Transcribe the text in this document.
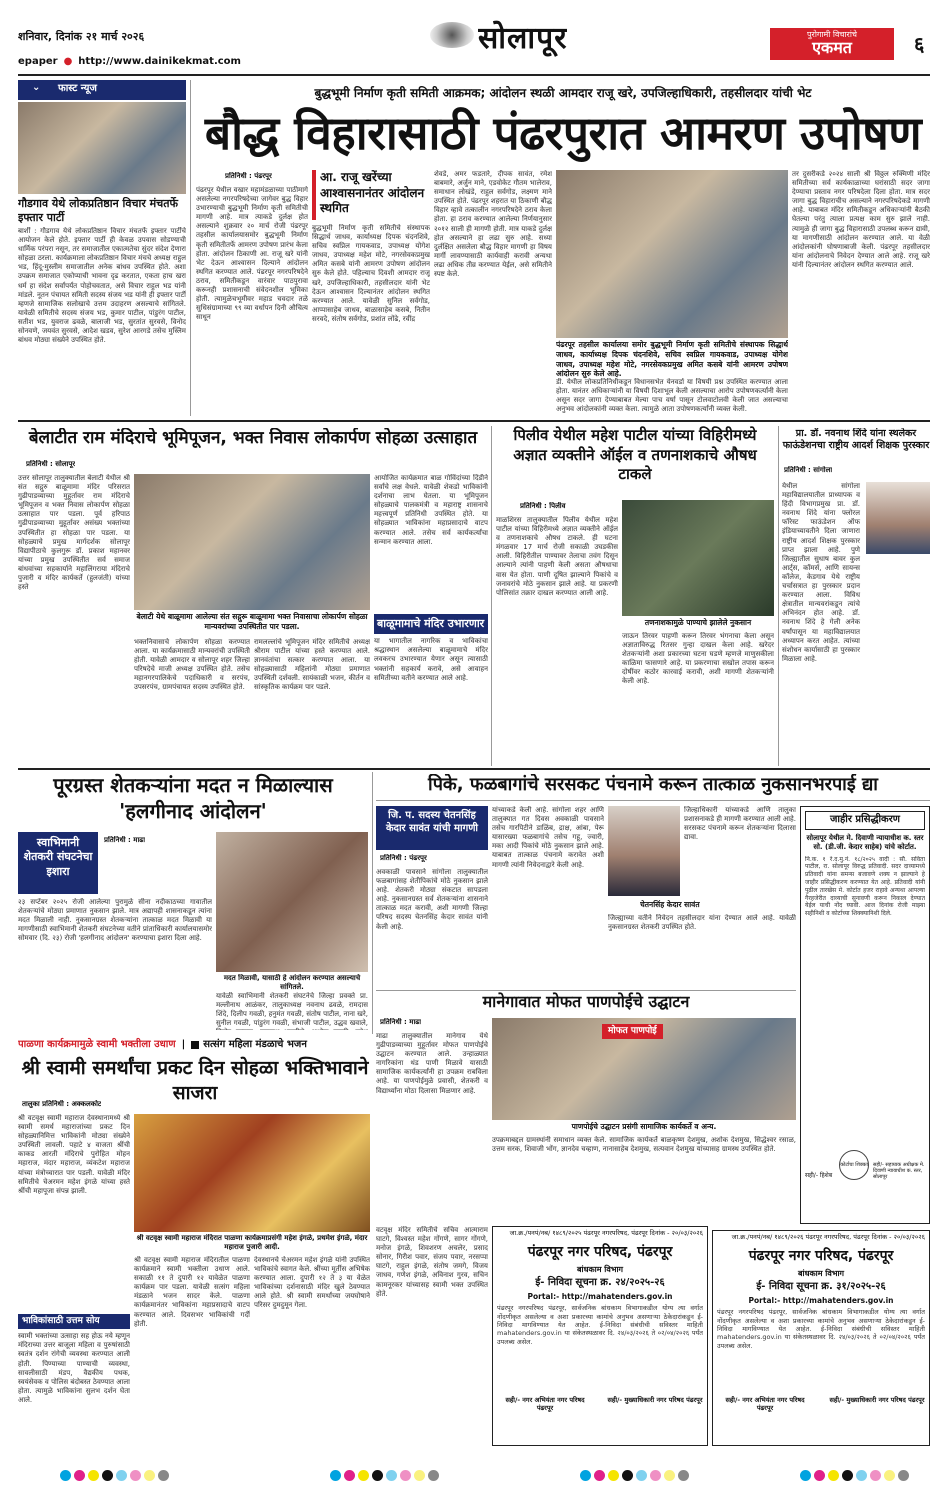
शनिवार, दिनांक २१ मार्च २०२६	सोलापूर	पुरोगामी विचारांचे
एकमत	६
epaper ● http://www.dainikekmat.com
⌄ फास्ट न्यूज
गौडगाव येथे लोकप्रतिष्ठान विचार मंचतर्फे इफ्तार पार्टी
बार्शी : गौडगाव येथे लोकप्रतिष्ठान विचार मंचतर्फे इफ्तार पार्टीचे आयोजन केले होते. इफ्तार पार्टी ही केवळ उपवास सोडण्याची धार्मिक परंपरा नसून, तर समाजातील एकात्मतेचा सुंदर संदेश देणारा सोहळा ठरला. कार्यक्रमाला लोकप्रतिष्ठान विचार मंचचे अध्यक्ष राहुल भड, हिंदू-मुस्लीम समाजातील अनेक बांधव उपस्थित होते. अशा उपक्रम समाजात एकोप्याची भावना दृढ करतात, एकता हाच खरा धर्म हा संदेश सर्वांपर्यंत पोहोचवतात, असे विचार राहुल भड यांनी मांडले. नूतन पंचायत समिती सदस्य संजय भड यांनी ही इफ्तार पार्टी म्हणजे सामाजिक सलोखाचे उत्तम उदाहरण असल्याचे सांगितले. यावेळी समितीचे सदस्य संजय भड, कुमार पाटील, पांडुरंग पाटील, सतीश भड, युवराज ढवळे, बालाजी भड, सुरतांत सुरवसे, विनोद सोनवणे, जयवंत सुरवसे, आदेश खडव, सुरेश आरगडे तसेच मुस्लिम बांधव मोठ्या संख्येने उपस्थित होते.
बुद्धभूमी निर्माण कृती समिती आक्रमक; आंदोलन स्थळी आमदार राजू खरे, उपजिल्हाधिकारी, तहसीलदार यांची भेट
बौद्ध विहारासाठी पंढरपुरात आमरण उपोषण
प्रतिनिधी : पंढरपूर
पंढरपूर येथील वखार महामंडळाच्या पाठीमागे असलेल्या नगरपरिषदेच्या जागेवर बुद्ध विहार उभारण्याची बुद्धभूमी निर्माण कृती समितीची मागणी आहे. मात्र त्याकडे दुर्लक्ष होत असल्याने शुक्रवार २० मार्च रोजी पंढरपूर तहसील कार्यालयासमोर बुद्धभूमी निर्माण कृती समितीतर्फे आमरण उपोषण प्रारंभ केला होता. आंदोलन ठिकाणी आ. राजू खरे यांनी भेट देऊन आश्वासन दिल्याने आंदोलन स्थगित करण्यात आले. पंढरपूर नगरपरिषदेने ठराव, समितीकडून वारंवार पाठपुरावा करूनही प्रशासनाची संवेदनशील भूमिका होती. त्यामुळेचभूमीवर महाड चवदार तळे सुधिसंग्रामाच्या ९९ व्या वर्धापन दिनी औचित्य साधून
आ. राजू खरेंच्या आश्वासनानंतर आंदोलन स्थगित
बुद्धभूमी निर्माण कृती समितीचे संस्थापक सिद्धार्थ जाधव, कार्याध्यक्ष दिपक चंदनशिवे, सचिव स्वप्निल गायकवाड, उपाध्यक्ष योगेश जाधव, उपाध्यक्ष महेश मोटे, नगरसेवकप्रमुख अमित कसबे यांनी आमरण उपोषण आंदोलन सुरु केले होते. पहिल्याच दिवशी आमदार राजू खरे, उपजिल्हाधिकारी, तहसीलदार यांनी भेट देऊन आश्वासन दिल्यानंतर आंदोलन स्थगित करण्यात आले. यावेळी सुनिल सर्वगोड, आप्पासाहेब जाधव, बाळासाहेब कसबे, नितीन सरवदे, संतोष सर्वगोड, प्रशांत लोंढे, रवींद्र
शेवडे, अमर फडतारे, दीपक सावंत, रमेश बाबमारे, अर्जुन माने, एडवोकेट गौतम भालेराव, समाधान लोखंडे, राहुल सर्वगोड, लक्ष्मण माने उपस्थित होते. पंढरपूर शहरात या ठिकाणी बौद्ध विहार व्हावे तत्कालीन नगरपरिषदेने ठराव केला होता. हा ठराव करण्यात आलेल्या निर्णयानुसार २०१२ साली ही मागणी होती. मात्र याकडे दुर्लक्ष होत असल्याने हा लढा सुरु आहे. सध्या दुर्लक्षित असलेला बौद्ध विहार मागणी हा विषय मार्गी लावण्यासाठी कार्यवाही करावी अन्यथा लढा अधिक तीव्र करण्यात येईल, असे समितीने स्पष्ट केले.
पंढरपूर तहसील कार्यालया समोर बुद्धभूमी निर्माण कृती समितीचे संस्थापक सिद्धार्थ जाधव, कार्याध्यक्ष दिपक चंदनशिवे, सचिव स्वप्निल गायकवाड, उपाध्यक्ष योगेश जाधव, उपाध्यक्ष महेश मोटे, नगरसेवकप्रमुख अमित कसबे यांनी आमरण उपोषण आंदोलन सुरु केले आहे.
डी. येथील लोकप्रतिनिधीकडून विधानसभेत येनवर्डा या विषयी प्रश्न उपस्थित करण्यात आला होता. यानंतर अधिकाऱ्यांनी या विषयी दिशाभूल केली असल्याचा आरोप उपोषणकर्त्यांनी केला असून सदर जागा देण्याबाबत मेल्या पाच वर्षा पासून टोलवाटोलवी केली जात असल्याचा अनुभव आंदोलकांनी व्यक्त केला. त्यामुळे आता उपोषणकर्त्यांनी व्यक्त केली.
तर दुसरीकडे २०२४ साली श्री विठ्ठल रुक्मिणी मंदिर समितीच्या सर्व कार्यकाळाच्या घरांसाठी सदर जागा देण्याचा प्रस्ताव नगर परिषदेला दिला होता. मात्र सदर जागा बुद्ध विहाराचीच असल्याने नगरपरिषदेकडे मागणी आहे. याबाबत मंदिर समितीकडून अधिकाऱ्यांनी बैठकी घेतल्या परंतु त्याला प्रत्यक्ष काम सुरु झाले नाही. त्यामुळे ही जागा बुद्ध विहारासाठी उपलब्ध करून द्यावी, या मागणीसाठी आंदोलन करण्यात आले. या वेळी आंदोलकांनी घोषणाबाजी केली. पंढरपूर तहसीलदार यांना आंदोलनाचे निवेदन देण्यात आले आहे. राजू खरे यांनी दिल्यानंतर आंदोलन स्थगित करण्यात आले.
बेलाटीत राम मंदिराचे भूमिपूजन, भक्त निवास लोकार्पण सोहळा उत्साहात
प्रतिनिधी : सोलापूर
उत्तर सोलापूर तालुक्यातील बेलाटी येथील श्री संत सद्गुरु बाळूमामा मंदिर परिसरात गुढीपाडव्याच्या मुहूर्तावर राम मंदिराचे भूमिपूजन व भक्त निवास लोकार्पण सोहळा उत्साहात पार पडला. पूर्व हरिपाठ गुढीपाडव्याच्या मुहूर्तावर असंख्य भक्तांच्या उपस्थितीत हा सोहळा पार पडला. या सोहळ्याचे प्रमुख मार्गदर्शक सोलापूर विद्यापीठाचे कुलगुरू डॉ. प्रकाश महानवर यांच्या प्रमुख उपस्थितीत सर्व समाज बांधवांच्या सहकार्याने महालिंगराया मंदिराचे पुजारी व मंदिर कार्यकर्ते (हुलजंती) यांच्या हस्ते
बेलाटी येथे बाळूमामा आलेल्या संत सद्गुरू बाळूमामा भक्त निवासाचा लोकार्पण सोहळा मान्यवरांच्या उपस्थितीत पार पडला.
आयोजित कार्यक्रमात बाळ गोविंदांच्या दिंडीने सर्वांचे लक्ष वेधले. यावेळी शेकडो भाविकांनी दर्शनाचा लाभ घेतला. या भूमिपूजन सोहळ्याचे पालकमंत्री व महाराष्ट्र शासनाचे महत्त्वपूर्ण प्रतिनिधी उपस्थित होते. या सोहळ्यात भाविकांना महाप्रसादाचे वाटप करण्यात आले. तसेच सर्व कार्यकर्त्यांचा सन्मान करण्यात आला.
भक्तनिवासाचे लोकार्पण सोहळा करण्यात आला. या कार्यक्रमासाठी मान्यवरांची उपस्थिती होती. यावेळी आमदार व सोलापूर शहर जिल्हा परिषदेचे माजी अध्यक्ष उपस्थित होते. तसेच महानगरपालिकेचे पदाधिकारी व सरपंच, उपसरपंच, ग्रामपंचायत सदस्य उपस्थित होते.
रामलल्लांचे भूमिपूजन मंदिर समितीचे अध्यक्ष श्रीराम पाटील यांच्या हस्ते करण्यात आले. ज्ञानवंतांचा सत्कार करण्यात आला. या सोहळ्यासाठी महिलांनी मोठ्या प्रमाणात उपस्थिती दर्शवली. सायंकाळी भजन, कीर्तन व सांस्कृतिक कार्यक्रम पार पडले.
बाळूमामाचे मंदिर उभारणार
या भागातील नागरिक व भाविकांचा श्रद्धास्थान असलेल्या बाळूमामाचे मंदिर लवकरच उभारण्यात येणार असून त्यासाठी भक्तांनी सहकार्य करावे, असे आवाहन समितीच्या वतीने करण्यात आले आहे.
पिलीव येथील महेश पाटील यांच्या विहिरीमध्ये अज्ञात व्यक्तीने ऑईल व तणनाशकाचे औषध टाकले
प्रतिनिधी : पिलीव
तणनाशकामुळे पाण्याचे झालेले नुकसान
माळशिरस तालुक्यातील पिलीव येथील महेश पाटील यांच्या विहिरीमध्ये अज्ञात व्यक्तीने ऑईल व तणनाशकाचे औषध टाकले. ही घटना मंगळवार 17 मार्च रोजी सकाळी उघडकीस आली. विहिरीतील पाण्यावर तेलाचा तवंग दिसून आल्याने त्यांनी पाहणी केली असता औषधाचा वास येत होता. पाणी दूषित झाल्याने पिकांचे व जनावरांचे मोठे नुकसान झाले आहे. या प्रकरणी पोलिसांत तक्रार दाखल करण्यात आली आहे.
जाऊन तिरवर पाहणी करून तिरवर भंगनाचा केला असून अज्ञाताविरुद्ध रितसर गुन्हा दाखल केला आहे. खरेदर शेतकऱ्यांनी अशा प्रकारच्या घटना घडणे म्हणजे माणुसकीला काळिमा फासणारे आहे. या प्रकरणाचा सखोल तपास करून दोषींवर कठोर कारवाई करावी, अशी मागणी शेतकऱ्यांनी केली आहे.
प्रा. डॉ. नवनाथ शिंदे यांना स्थलेकर फाऊंडेशनचा राष्ट्रीय आदर्श शिक्षक पुरस्कार
प्रतिनिधी : सांगोला
येथील सांगोला महाविद्यालयातील प्राध्यापक व हिंदी विभागप्रमुख प्रा. डॉ. नवनाथ शिंदे यांना फ्लोरल फॉरेस्ट फाऊंडेशन ऑफ इंडियाच्यावतीने दिला जाणारा राष्ट्रीय आदर्श शिक्षक पुरस्कार प्राप्त झाला आहे. पुणे जिल्ह्यातील सुधाष बावर कुल आर्ट्स, कॉमर्स, आणि सायन्स कॉलेज, केडगाव येथे राष्ट्रीय चर्चासत्रात हा पुरस्कार प्रदान करण्यात आला. विविध क्षेत्रातील मान्यवरांकडून त्यांचे अभिनंदन होत आहे. डॉ. नवनाथ शिंदे हे गेली अनेक वर्षांपासून या महाविद्यालयात अध्यापन करत आहेत. त्यांच्या संशोधन कार्यासाठी हा पुरस्कार मिळाला आहे.
पूरग्रस्त शेतकऱ्यांना मदत न मिळाल्यास 'हलगीनाद आंदोलन'
स्वाभिमानी शेतकरी संघटनेचा इशारा
प्रतिनिधी : माढा
२३ सप्टेंबर २०२५ रोजी आलेल्या पुरामुळे सीना नदीकाठच्या गावातील शेतकऱ्यांचे मोठ्या प्रमाणात नुकसान झाले. मात्र अद्यापही शासनाकडून त्यांना मदत मिळाली नाही. नुकसानग्रस्त शेतकऱ्यांना तात्काळ मदत मिळावी या मागणीसाठी स्वाभिमानी शेतकरी संघटनेच्या वतीने प्रांताधिकारी कार्यालयासमोर सोमवार (दि. २३) रोजी 'हलगीनाद आंदोलन' करण्याचा इशारा दिला आहे.
मदत मिळावी, यासाठी हे आंदोलन करण्यात असल्याचे सांगितले.
यावेळी स्वाभिमानी शेतकरी संघटनेचे जिल्हा प्रवक्ते प्रा. मल्लीनाथ आळंकर, तालुकाध्यक्ष नवनाथ ढवळे, रामदास शिंदे, दिलीप गवळी, हनुमंत गवळी, संतोष पाटील, नाना खरे, सुनील गवळी, पांडुरंग गवळी, संभाजी पाटील, उद्धव खवाले,
पिके, फळबागांचे सरसकट पंचनामे करून तात्काळ नुकसानभरपाई द्या
जि. प. सदस्य चेतनसिंह केदार सावंत यांची मागणी
प्रतिनिधी : पंढरपूर
अवकाळी पावसाने सांगोला तालुक्यातील फळबागांसह शेतीपिकांचे मोठे नुकसान झाले आहे. शेतकरी मोठ्या संकटात सापडला आहे. नुकसानग्रस्त सर्व शेतकऱ्यांना शासनाने तात्काळ मदत करावी, अशी मागणी जिल्हा परिषद सदस्य चेतनसिंह केदार सावंत यांनी केली आहे.
यांच्याकडे केली आहे. सांगोला शहर आणि तालुक्यात गत दिवस अवकाळी पावसाने तसेच गारपिटीने डाळिंब, द्राक्ष, आंबा, पेरू यासारख्या फळबागांचे तसेच गहू, ज्वारी, मका आदी पिकांचे मोठे नुकसान झाले आहे. याबाबत तात्काळ पंचनामे करावेत अशी मागणी त्यांनी निवेदनाद्वारे केली आहे.
चेतनसिंह केदार सावंत
जिल्हाधिकारी यांच्याकडे आणि तालुका प्रशासनाकडे ही मागणी करण्यात आली आहे. सरसकट पंचनामे करून शेतकऱ्यांना दिलासा द्यावा.
जिल्ह्याच्या वतीने निवेदन तहसीलदार यांना देण्यात आले आहे. यावेळी नुकसानग्रस्त शेतकरी उपस्थित होते.
जाहीर प्रसिद्धीकरण
सोलापूर येथील मे. दिवाणी न्यायाधीश क. स्तर सो. (डी.जी. केदार साहेब) यांचे कोर्टात.
नि.क. १ रे.द.मु.नं. १८/२०२५ वादी : सौ. सविता पाटील, रा. सोलापूर विरुद्ध प्रतिवादी. सदर दाव्यामध्ये प्रतिवादी यांना समन्स बजावणे शक्य न झाल्याने हे जाहीर प्रसिद्धीकरण करण्यात येत आहे. प्रतिवादी यांनी पुढील तारखेस मे. कोर्टात हजर राहावे अन्यथा आपल्या गैरहजेरीत दाव्याची सुनावणी करून निकाल देण्यात येईल याची नोंद घ्यावी. आज दिनांक रोजी माझ्या सहीनिशी व कोर्टाच्या शिक्क्यानिशी दिले.
सही/- हिशेब
कोर्टाचा शिक्का सही/- सहाय्यक अधीक्षक मे. दिवाणी न्यायाधीश क. स्तर, सोलापूर
मानेगावात मोफत पाणपोईचे उद्घाटन
प्रतिनिधी : माढा
माढा तालुक्यातील मानेगाव येथे गुढीपाडव्याच्या मुहूर्तावर मोफत पाणपोईचे उद्घाटन करण्यात आले. उन्हाळ्यात नागरिकांना थंड पाणी मिळावे यासाठी सामाजिक कार्यकर्त्यांनी हा उपक्रम राबविला आहे. या पाणपोईमुळे प्रवासी, शेतकरी व विद्यार्थ्यांना मोठा दिलासा मिळणार आहे.
मोफत पाणपोई
पाणपोईचे उद्घाटन प्रसंगी सामाजिक कार्यकर्ते व अन्य.
उपक्रमाबद्दल ग्रामस्थांनी समाधान व्यक्त केले. सामाजिक कार्यकर्ते बाळकृष्ण देशमुख, अशोक देशमुख, सिद्धेश्वर रसाळ, उत्तम सरक, शिवाजी भोंग, ज्ञानदेव चव्हाण, नानासाहेब देशमुख, सत्यवान देशमुख यांच्यासह ग्रामस्थ उपस्थित होते.
पाळणा कार्यक्रमामुळे स्वामी भक्तीला उधाण | सत्संग महिला मंडळाचे भजन
श्री स्वामी समर्थांचा प्रकट दिन सोहळा भक्तिभावाने साजरा
तालुका प्रतिनिधी : अक्कलकोट
श्री वटवृक्ष स्वामी महाराज देवस्थानामध्ये श्री स्वामी समर्थ महाराजांच्या प्रकट दिन सोहळ्यानिमित्त भाविकांनी मोठ्या संख्येने उपस्थिती लावली. पहाटे ४ वाजता श्रींची काकड आरती मंदिराचे पुरोहित मोहन महाराज, मंदार महाराज, व्यंकटेश महाराज यांच्या मंत्रोच्चारात पार पडली. यावेळी मंदिर समितीचे चेअरमन महेश इंगळे यांच्या हस्ते श्रींची महापूजा संपन्न झाली.
श्री वटवृक्ष स्वामी महाराज मंदिरात पाळणा कार्यक्रमाप्रसंगी महेश इंगळे, प्रथमेश इंगळे, मंदार महाराज पुजारी आदी.
श्री वटवृक्ष स्वामी महाराज मंदिरातील पाळणा कार्यक्रमाने स्वामी भक्तीला उधाण आले. सकाळी ११ ते दुपारी १२ यावेळेत पाळणा कार्यक्रम पार पडला. यावेळी सत्संग महिला मंडळाने भजन सादर केले. पाळणा कार्यक्रमानंतर भाविकांना महाप्रसादाचे वाटप करण्यात आले. दिवसभर भाविकांची गर्दी होती.
देवस्थानचे चेअरमन महेश इंगळे यांनी उपस्थित भाविकांचे स्वागत केले. श्रींच्या मूर्तीस अभिषेक करण्यात आला. दुपारी १२ ते ३ या वेळेत भाविकांच्या दर्शनासाठी मंदिर खुले ठेवण्यात आले होते. श्री स्वामी समर्थांच्या जयघोषाने परिसर दुमदुमून गेला.
भाविकांसाठी उत्तम सोय
स्वामी भक्तांच्या उत्साहा सह होऊ नये म्हणून मंदिराच्या उत्तर बाजूला महिला व पुरुषांसाठी स्वतंत्र दर्शन रांगेची व्यवस्था करण्यात आली होती. पिण्याच्या पाण्याची व्यवस्था, सावलीसाठी मंडप, वैद्यकीय पथक, स्वयंसेवक व पोलिस बंदोबस्त ठेवण्यात आला होता. त्यामुळे भाविकांना सुलभ दर्शन घेता आले.
वटवृक्ष मंदिर समितीचे सचिव आत्माराम घाटगे, विश्वस्त महेश गोंगणे, सागर गोंगणे, मनोज इंगळे, शिवशरण अचलेर, प्रसाद सोनार, गिरीश पवार, संजय पवार, नरसप्पा घाटगे, राहुल इंगळे, संतोष जमगे, विजय जाधव, गणेश इंगळे, अविनाश गुरव, सचिन कामनूरकर यांच्यासह स्वामी भक्त उपस्थित होते.
जा.क्र./पनपं/नब/ १४८९/२०२५ पंढरपूर नगरपरिषद, पंढरपूर दिनांक - २०/०३/२०२६
पंढरपूर नगर परिषद, पंढरपूर
बांधकाम विभाग
ई- निविदा सूचना क्र. २४/२०२५-२६
Portal:- http://mahatenders.gov.in
पंढरपूर नगरपरिषद पंढरपूर, सार्वजनिक बांधकाम विभागाकडील योग्य त्या वर्गात नोंदणीकृत असलेल्या व अशा प्रकारच्या कामांचे अनुभव असणाऱ्या ठेकेदारांकडून ई-निविदा मागविण्यात येत आहेत. ई-निविदा संबंधीची सविस्तर माहिती mahatenders.gov.in या संकेतस्थळावर दि. २४/०३/२०२६ ते ०२/०४/२०२६ पर्यंत उपलब्ध असेल.
सही/- नगर अभियंता नगर परिषद पंढरपूर
सही/- मुख्याधिकारी नगर परिषद पंढरपूर
जा.क्र./पनपं/नब/ १४८९/२०२६ पंढरपूर नगरपरिषद, पंढरपूर दिनांक - २०/०३/२०२६
पंढरपूर नगर परिषद, पंढरपूर
बांधकाम विभाग
ई- निविदा सूचना क्र. ३१/२०२५-२६
Portal:- http://mahatenders.gov.in
पंढरपूर नगरपरिषद पंढरपूर, सार्वजनिक बांधकाम विभागाकडील योग्य त्या वर्गात नोंदणीकृत असलेल्या व अशा प्रकारच्या कामांचे अनुभव असणाऱ्या ठेकेदारांकडून ई-निविदा मागविण्यात येत आहेत. ई-निविदा संबंधीची सविस्तर माहिती mahatenders.gov.in या संकेतस्थळावर दि. २४/०३/२०२६ ते ०२/०४/२०२६ पर्यंत उपलब्ध असेल.
सही/- नगर अभियंता नगर परिषद पंढरपूर
सही/- मुख्याधिकारी नगर परिषद पंढरपूर
